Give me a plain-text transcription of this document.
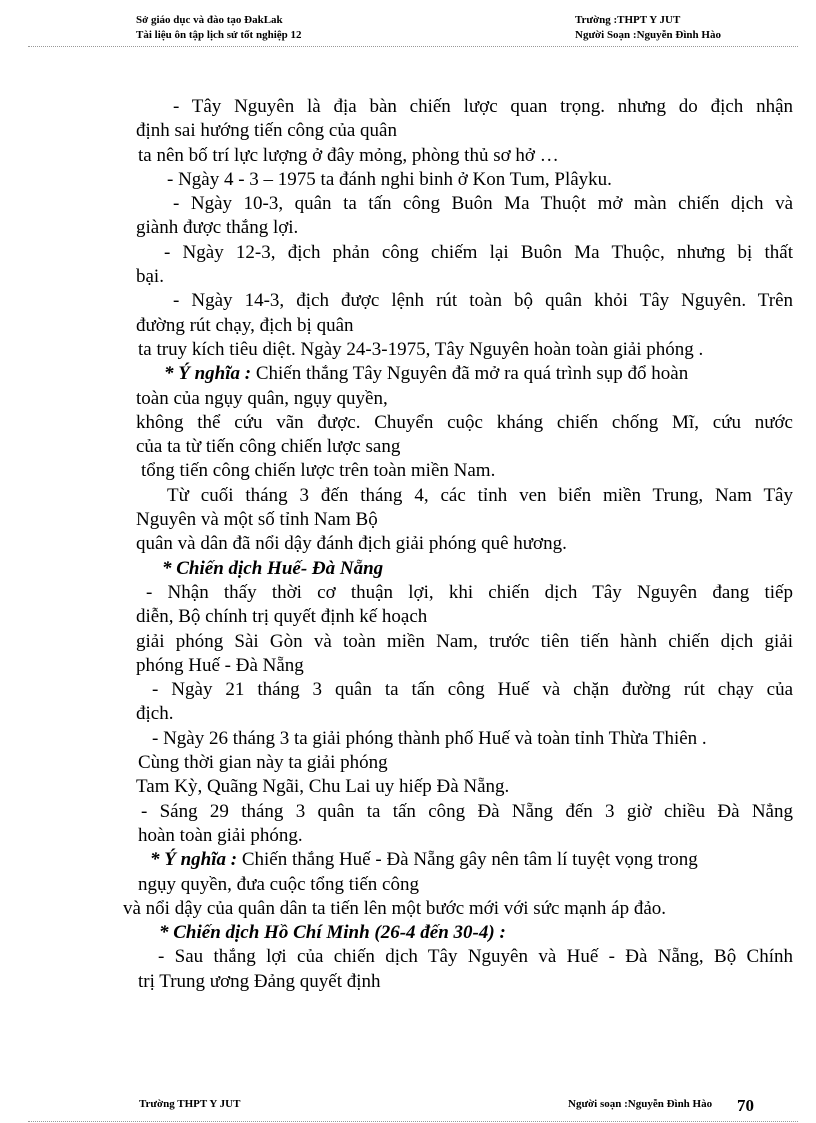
Sở giáo dục và đào tạo ĐakLak
Tài liệu ôn tập lịch sử tốt nghiệp 12
Trường :THPT Y JUT
Người Soạn :Nguyễn Đình Hào
- Tây Nguyên là địa bàn chiến lược quan trọng. nhưng do địch nhận
định sai hướng tiến công của quân
ta nên bố trí lực lượng ở đây mỏng, phòng thủ sơ hở …
- Ngày 4 - 3 – 1975 ta đánh nghi binh ở Kon Tum, Plâyku.
- Ngày 10-3, quân ta tấn công Buôn Ma Thuột mở màn chiến dịch và
giành được thắng lợi.
- Ngày 12-3, địch phản công chiếm lại Buôn Ma Thuộc, nhưng bị thất
bại.
- Ngày 14-3, địch được lệnh rút toàn bộ quân khỏi Tây Nguyên. Trên
đường rút chạy, địch bị quân
ta truy kích tiêu diệt. Ngày 24-3-1975, Tây Nguyên hoàn toàn giải phóng .
* Ý nghĩa : Chiến thắng Tây Nguyên đã mở ra quá trình sụp đổ hoàn
toàn của ngụy quân, ngụy quyền,
không thể cứu vãn được. Chuyển cuộc kháng chiến chống Mĩ, cứu nước
của ta từ tiến công chiến lược sang
tổng tiến công chiến lược trên toàn miền Nam.
Từ cuối tháng 3 đến tháng 4, các tỉnh ven biển miền Trung, Nam Tây
Nguyên và một số tỉnh Nam Bộ
quân và dân đã nổi dậy đánh địch giải phóng quê hương.
* Chiến dịch Huế- Đà Nẵng
- Nhận thấy thời cơ thuận lợi, khi chiến dịch Tây Nguyên đang tiếp
diễn, Bộ chính trị quyết định kế hoạch
giải phóng Sài Gòn và toàn miền Nam, trước tiên tiến hành chiến dịch giải
phóng Huế - Đà Nẵng
- Ngày 21 tháng 3 quân ta tấn công Huế và chặn đường rút chạy của
địch.
- Ngày 26 tháng 3 ta giải phóng thành phố Huế và toàn tỉnh Thừa Thiên .
Cùng thời gian này ta giải phóng
Tam Kỳ, Quãng Ngãi, Chu Lai uy hiếp Đà Nẵng.
- Sáng 29 tháng 3 quân ta tấn công Đà Nẵng đến 3 giờ chiều Đà Nẳng
hoàn toàn giải phóng.
* Ý nghĩa : Chiến thắng Huế - Đà Nẵng gây nên tâm lí tuyệt vọng trong
ngụy quyền, đưa cuộc tổng tiến công
và nổi dậy của quân dân ta tiến lên một bước mới với sức mạnh áp đảo.
* Chiến dịch Hồ Chí Minh (26-4 đến 30-4) :
- Sau thắng lợi của chiến dịch Tây Nguyên và Huế - Đà Nẵng, Bộ Chính
trị Trung ương Đảng quyết định
Trường THPT Y JUT	Người soạn :Nguyễn Đình Hào 70
